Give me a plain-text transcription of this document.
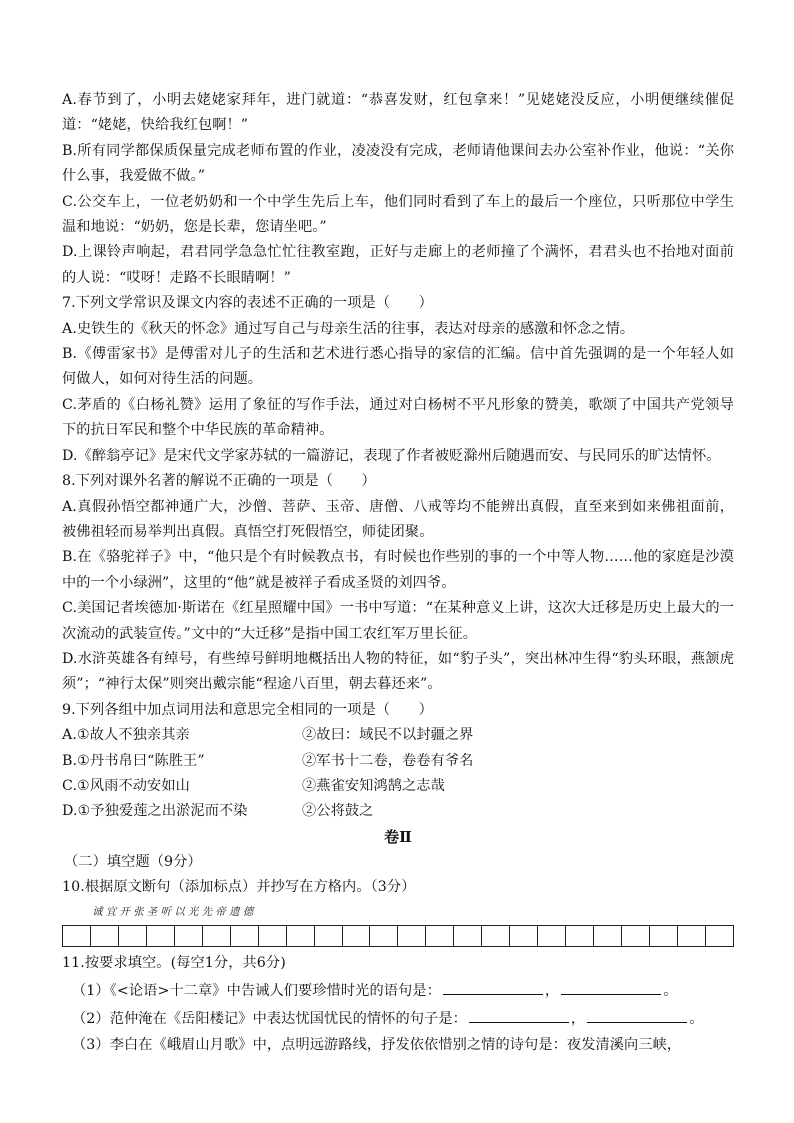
A.春节到了，小明去姥姥家拜年，进门就道：“恭喜发财，红包拿来！”见姥姥没反应，小明便继续催促道：“姥姥，快给我红包啊！”

B.所有同学都保质保量完成老师布置的作业，凌凌没有完成，老师请他课间去办公室补作业，他说：“关你什么事，我爱做不做。”

C.公交车上，一位老奶奶和一个中学生先后上车，他们同时看到了车上的最后一个座位，只听那位中学生温和地说：“奶奶，您是长辈，您请坐吧。”

D.上课铃声响起，君君同学急急忙忙往教室跑，正好与走廊上的老师撞了个满怀，君君头也不抬地对面前的人说：“哎呀！走路不长眼睛啊！”

7.下列文学常识及课文内容的表述不正确的一项是（　　）

A.史铁生的《秋天的怀念》通过写自己与母亲生活的往事，表达对母亲的感激和怀念之情。

B.《傅雷家书》是傅雷对儿子的生活和艺术进行悉心指导的家信的汇编。信中首先强调的是一个年轻人如何做人，如何对待生活的问题。

C.茅盾的《白杨礼赞》运用了象征的写作手法，通过对白杨树不平凡形象的赞美，歌颂了中国共产党领导下的抗日军民和整个中华民族的革命精神。

D.《醉翁亭记》是宋代文学家苏轼的一篇游记，表现了作者被贬滁州后随遇而安、与民同乐的旷达情怀。

8.下列对课外名著的解说不正确的一项是（　　）

A.真假孙悟空都神通广大，沙僧、菩萨、玉帝、唐僧、八戒等均不能辨出真假，直至来到如来佛祖面前，被佛祖轻而易举判出真假。真悟空打死假悟空，师徒团聚。

B.在《骆驼祥子》中，“他只是个有时候教点书，有时候也作些别的事的一个中等人物……他的家庭是沙漠中的一个小绿洲”，这里的“他”就是被祥子看成圣贤的刘四爷。

C.美国记者埃德加·斯诺在《红星照耀中国》一书中写道：“在某种意义上讲，这次大迁移是历史上最大的一次流动的武装宣传。”文中的“大迁移”是指中国工农红军万里长征。

D.水浒英雄各有绰号，有些绰号鲜明地概括出人物的特征，如“豹子头”，突出林冲生得“豹头环眼，燕颔虎须”；“神行太保”则突出戴宗能“程途八百里，朝去暮还来”。

9.下列各组中加点词用法和意思完全相同的一项是（　　）

A.①故人不独亲其亲	②故曰：域民不以封疆之界
B.①丹书帛曰“陈胜王”	②军书十二卷，卷卷有爷名
C.①风雨不动安如山	②燕雀安知鸿鹄之志哉
D.①予独爱莲之出淤泥而不染	②公将鼓之

卷Ⅱ

（二）填空题（9分）

10.根据原文断句（添加标点）并抄写在方格内。（3分）

诚宜开张圣听以光先帝遗德

11.按要求填空。(每空1分，共6分)

（1）《<论语>十二章》中告诫人们要珍惜时光的语句是：	，	。

（2）范仲淹在《岳阳楼记》中表达忧国忧民的情怀的句子是：	，	。

（3）李白在《峨眉山月歌》中，点明远游路线，抒发依依惜别之情的诗句是：夜发清溪向三峡，
